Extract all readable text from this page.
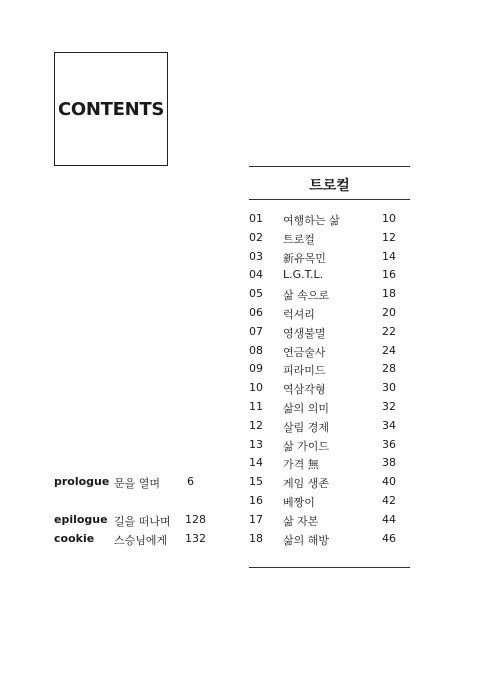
CONTENTS
트로컬
01 여행하는 삶	10
02 트로컬	12
03 新유목민	14
04 L.G.T.L.	16
05 삶 속으로	18
06 럭셔리	20
07 영생불멸	22
08 연금술사	24
09 피라미드	28
10 역삼각형	30
11 삶의 의미	32
12 살림 경제	34
13 삶 가이드	36
14 가격 無	38
15 게임 생존	40
16 베짱이	42
17 삶 자본	44
18 삶의 해방	46
prologue 문을 열며 6
epilogue 길을 떠나며 128
cookie 스승님에게 132
